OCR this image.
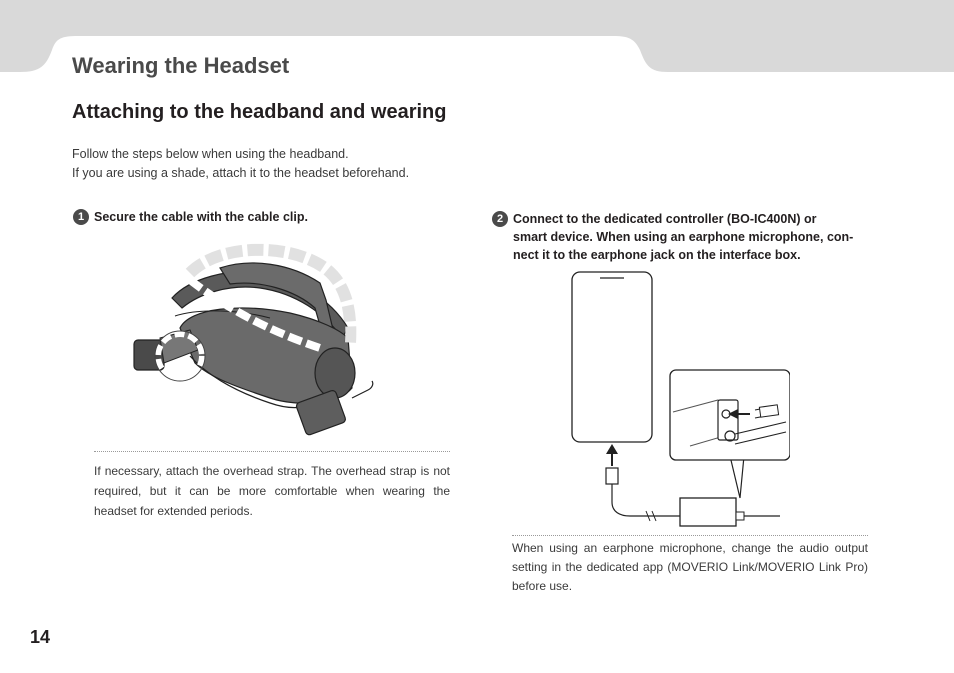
Wearing the Headset
Attaching to the headband and wearing
Follow the steps below when using the headband.
If you are using a shade, attach it to the headset beforehand.
1 Secure the cable with the cable clip.
If necessary, attach the overhead strap. The overhead strap is not required, but it can be more comfortable when wearing the headset for extended periods.
2 Connect to the dedicated controller (BO-IC400N) or
smart device. When using an earphone microphone, con-
nect it to the earphone jack on the interface box.
When using an earphone microphone, change the audio output setting in the dedicated app (MOVERIO Link/MOVERIO Link Pro) before use.
14
